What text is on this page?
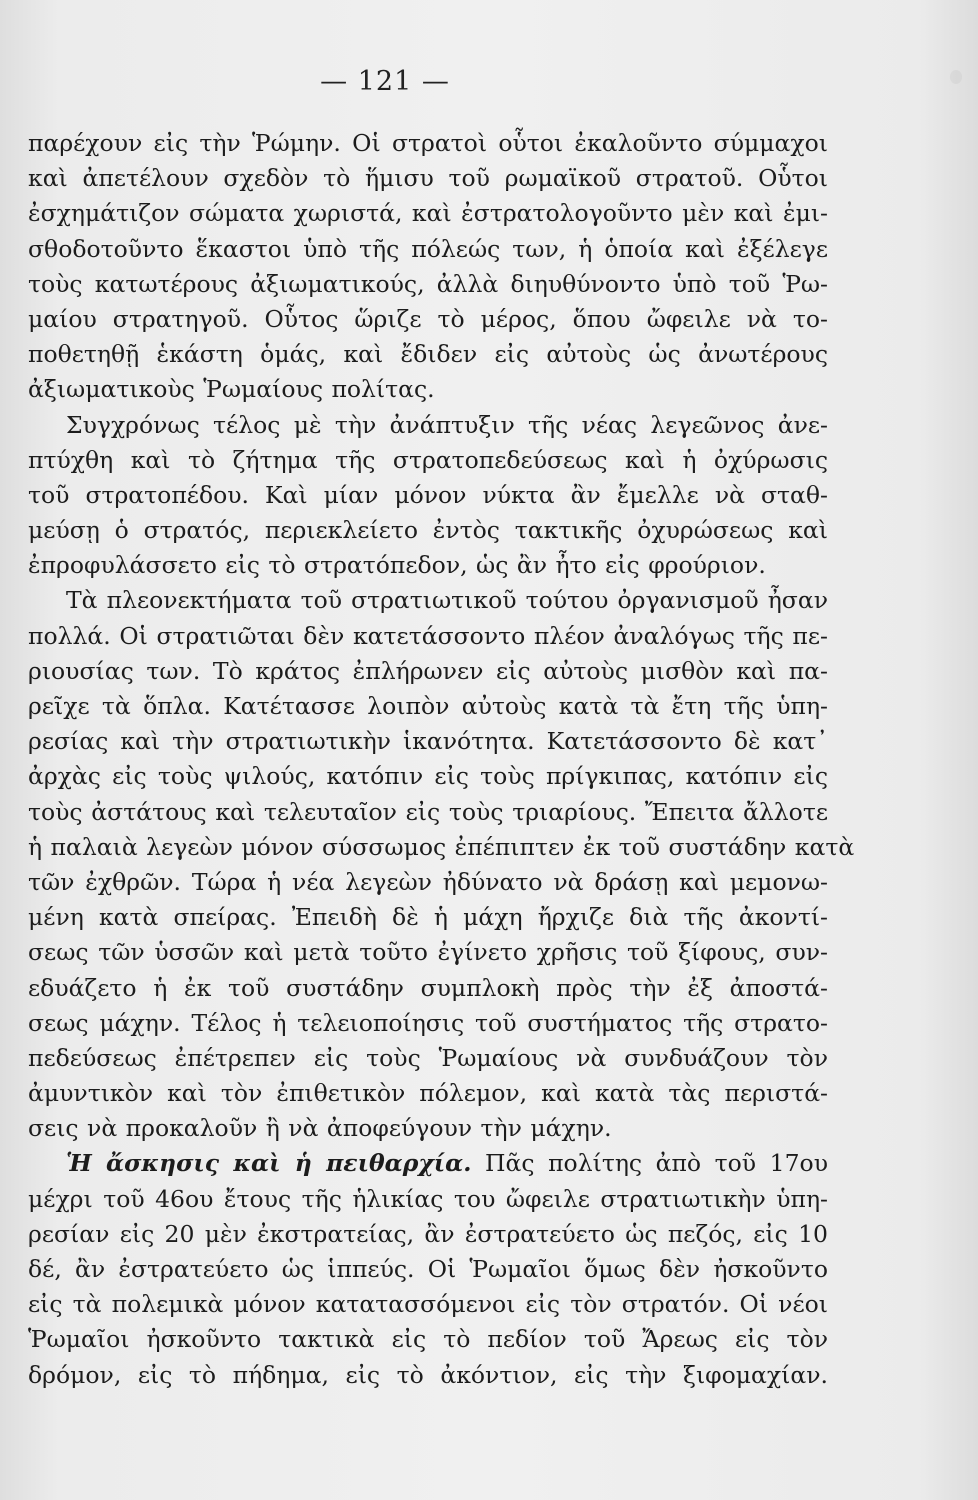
— 121 —
παρέχουν εἰς τὴν Ῥώμην. Οἱ στρατοὶ οὗτοι ἐκαλοῦντο σύμμαχοι
καὶ ἀπετέλουν σχεδὸν τὸ ἥμισυ τοῦ ρωμαϊκοῦ στρατοῦ. Οὗτοι
ἐσχημάτιζον σώματα χωριστά, καὶ ἐστρατολογοῦντο μὲν καὶ ἐμι-
σθοδοτοῦντο ἕκαστοι ὑπὸ τῆς πόλεώς των, ἡ ὁποία καὶ ἐξέλεγε
τοὺς κατωτέρους ἀξιωματικούς, ἀλλὰ διηυθύνοντο ὑπὸ τοῦ Ῥω-
μαίου στρατηγοῦ. Οὗτος ὥριζε τὸ μέρος, ὅπου ὤφειλε νὰ το-
ποθετηθῇ ἑκάστη ὁμάς, καὶ ἔδιδεν εἰς αὐτοὺς ὡς ἀνωτέρους
ἀξιωματικοὺς Ῥωμαίους πολίτας.
Συγχρόνως τέλος μὲ τὴν ἀνάπτυξιν τῆς νέας λεγεῶνος ἀνε-
πτύχθη καὶ τὸ ζήτημα τῆς στρατοπεδεύσεως καὶ ἡ ὀχύρωσις
τοῦ στρατοπέδου. Καὶ μίαν μόνον νύκτα ἂν ἔμελλε νὰ σταθ-
μεύσῃ ὁ στρατός, περιεκλείετο ἐντὸς τακτικῆς ὀχυρώσεως καὶ
ἐπροφυλάσσετο εἰς τὸ στρατόπεδον, ὡς ἂν ἦτο εἰς φρούριον.
Τὰ πλεονεκτήματα τοῦ στρατιωτικοῦ τούτου ὀργανισμοῦ ἦσαν
πολλά. Οἱ στρατιῶται δὲν κατετάσσοντο πλέον ἀναλόγως τῆς πε-
ριουσίας των. Τὸ κράτος ἐπλήρωνεν εἰς αὐτοὺς μισθὸν καὶ πα-
ρεῖχε τὰ ὅπλα. Κατέτασσε λοιπὸν αὐτοὺς κατὰ τὰ ἔτη τῆς ὑπη-
ρεσίας καὶ τὴν στρατιωτικὴν ἱκανότητα. Κατετάσσοντο δὲ κατ᾽
ἀρχὰς εἰς τοὺς ψιλούς, κατόπιν εἰς τοὺς πρίγκιπας, κατόπιν εἰς
τοὺς ἀστάτους καὶ τελευταῖον εἰς τοὺς τριαρίους. Ἔπειτα ἄλλοτε
ἡ παλαιὰ λεγεὼν μόνον σύσσωμος ἐπέπιπτεν ἐκ τοῦ συστάδην κατὰ
τῶν ἐχθρῶν. Τώρα ἡ νέα λεγεὼν ἠδύνατο νὰ δράσῃ καὶ μεμονω-
μένη κατὰ σπείρας. Ἐπειδὴ δὲ ἡ μάχη ἤρχιζε διὰ τῆς ἀκοντί-
σεως τῶν ὑσσῶν καὶ μετὰ τοῦτο ἐγίνετο χρῆσις τοῦ ξίφους, συν-
εδυάζετο ἡ ἐκ τοῦ συστάδην συμπλοκὴ πρὸς τὴν ἐξ ἀποστά-
σεως μάχην. Τέλος ἡ τελειοποίησις τοῦ συστήματος τῆς στρατο-
πεδεύσεως ἐπέτρεπεν εἰς τοὺς Ῥωμαίους νὰ συνδυάζουν τὸν
ἀμυντικὸν καὶ τὸν ἐπιθετικὸν πόλεμον, καὶ κατὰ τὰς περιστά-
σεις νὰ προκαλοῦν ἢ νὰ ἀποφεύγουν τὴν μάχην.
Ἡ ἄσκησις καὶ ἡ πειθαρχία. Πᾶς πολίτης ἀπὸ τοῦ 17ου
μέχρι τοῦ 46ου ἔτους τῆς ἡλικίας του ὤφειλε στρατιωτικὴν ὑπη-
ρεσίαν εἰς 20 μὲν ἐκστρατείας, ἂν ἐστρατεύετο ὡς πεζός, εἰς 10
δέ, ἂν ἐστρατεύετο ὡς ἱππεύς. Οἱ Ῥωμαῖοι ὅμως δὲν ἠσκοῦντο
εἰς τὰ πολεμικὰ μόνον κατατασσόμενοι εἰς τὸν στρατόν. Οἱ νέοι
Ῥωμαῖοι ἠσκοῦντο τακτικὰ εἰς τὸ πεδίον τοῦ Ἄρεως εἰς τὸν
δρόμον, εἰς τὸ πήδημα, εἰς τὸ ἀκόντιον, εἰς τὴν ξιφομαχίαν.
